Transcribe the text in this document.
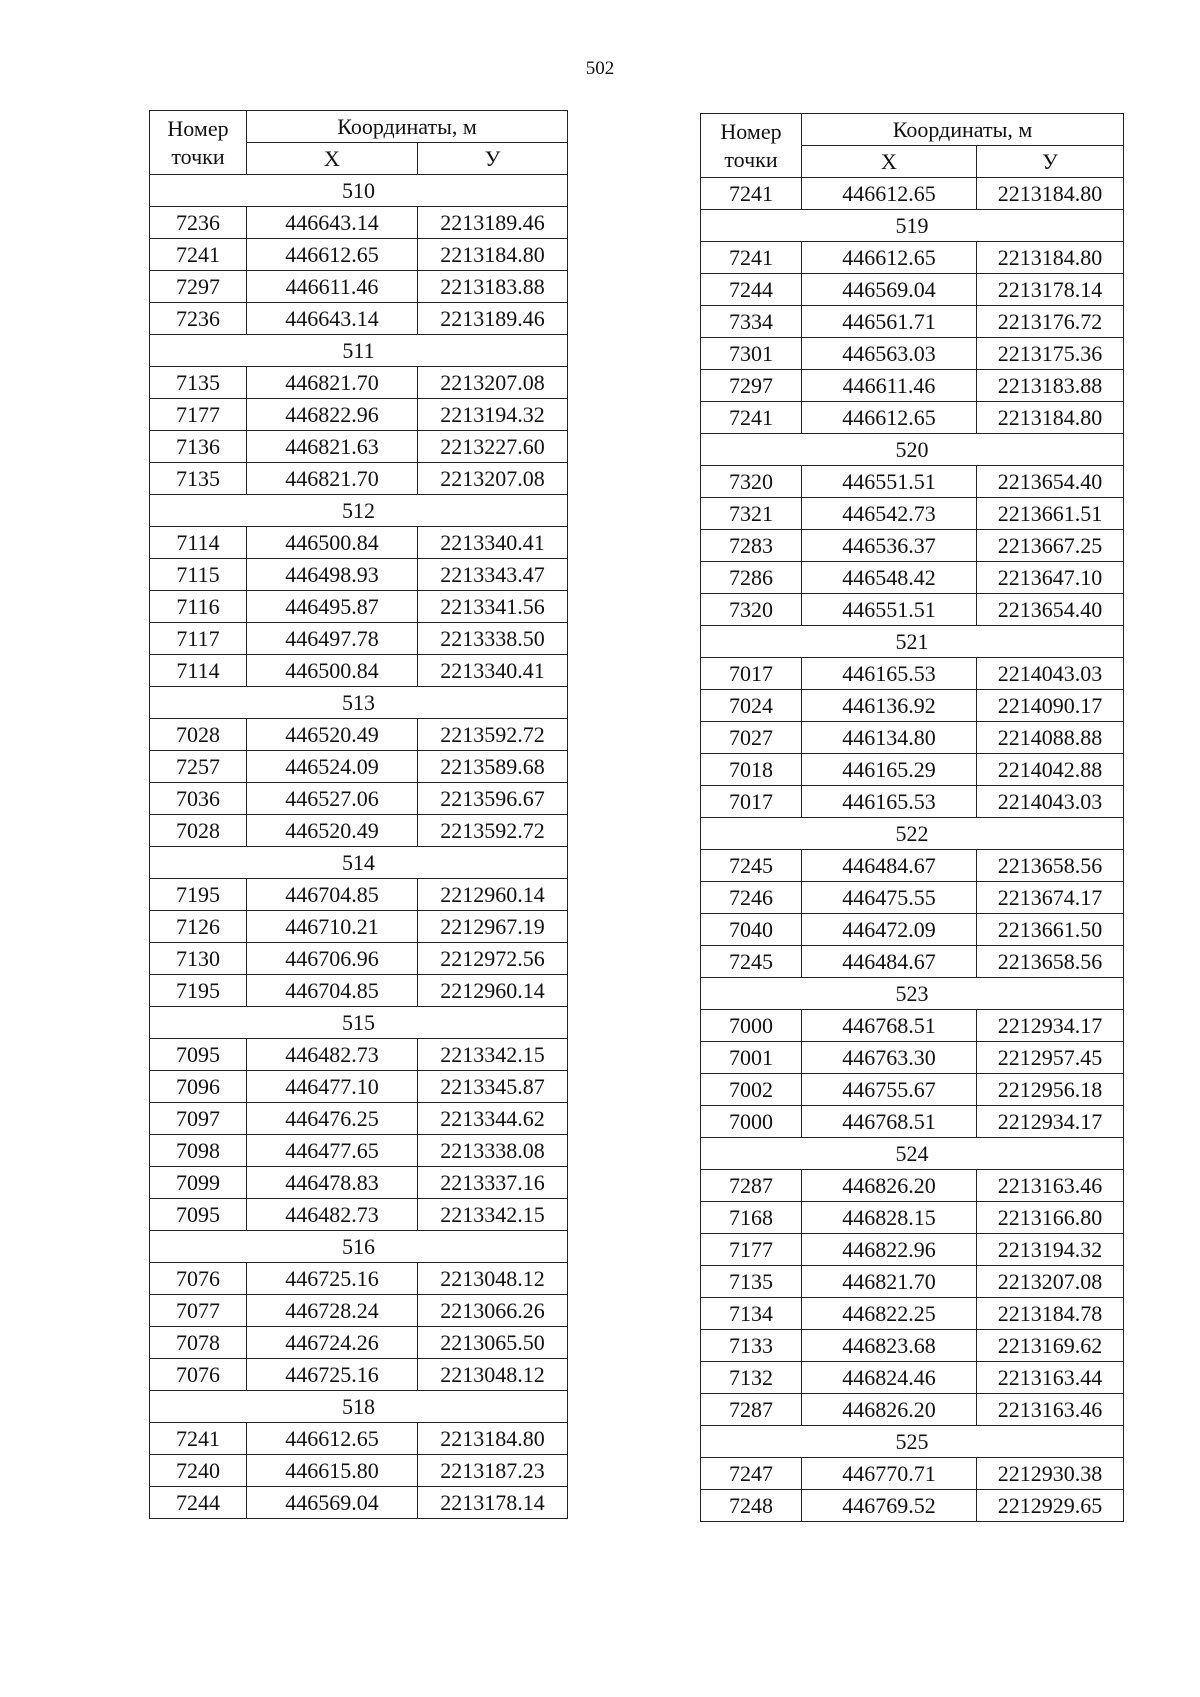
502
Номер точки	Координаты, м	
	X	У
510		
7236	446643.14	2213189.46
7241	446612.65	2213184.80
7297	446611.46	2213183.88
7236	446643.14	2213189.46
511		
7135	446821.70	2213207.08
7177	446822.96	2213194.32
7136	446821.63	2213227.60
7135	446821.70	2213207.08
512		
7114	446500.84	2213340.41
7115	446498.93	2213343.47
7116	446495.87	2213341.56
7117	446497.78	2213338.50
7114	446500.84	2213340.41
513		
7028	446520.49	2213592.72
7257	446524.09	2213589.68
7036	446527.06	2213596.67
7028	446520.49	2213592.72
514		
7195	446704.85	2212960.14
7126	446710.21	2212967.19
7130	446706.96	2212972.56
7195	446704.85	2212960.14
515		
7095	446482.73	2213342.15
7096	446477.10	2213345.87
7097	446476.25	2213344.62
7098	446477.65	2213338.08
7099	446478.83	2213337.16
7095	446482.73	2213342.15
516		
7076	446725.16	2213048.12
7077	446728.24	2213066.26
7078	446724.26	2213065.50
7076	446725.16	2213048.12
518		
7241	446612.65	2213184.80
7240	446615.80	2213187.23
7244	446569.04	2213178.14
Номер точки	Координаты, м	
	X	У
7241	446612.65	2213184.80
519		
7241	446612.65	2213184.80
7244	446569.04	2213178.14
7334	446561.71	2213176.72
7301	446563.03	2213175.36
7297	446611.46	2213183.88
7241	446612.65	2213184.80
520		
7320	446551.51	2213654.40
7321	446542.73	2213661.51
7283	446536.37	2213667.25
7286	446548.42	2213647.10
7320	446551.51	2213654.40
521		
7017	446165.53	2214043.03
7024	446136.92	2214090.17
7027	446134.80	2214088.88
7018	446165.29	2214042.88
7017	446165.53	2214043.03
522		
7245	446484.67	2213658.56
7246	446475.55	2213674.17
7040	446472.09	2213661.50
7245	446484.67	2213658.56
523		
7000	446768.51	2212934.17
7001	446763.30	2212957.45
7002	446755.67	2212956.18
7000	446768.51	2212934.17
524		
7287	446826.20	2213163.46
7168	446828.15	2213166.80
7177	446822.96	2213194.32
7135	446821.70	2213207.08
7134	446822.25	2213184.78
7133	446823.68	2213169.62
7132	446824.46	2213163.44
7287	446826.20	2213163.46
525		
7247	446770.71	2212930.38
7248	446769.52	2212929.65
